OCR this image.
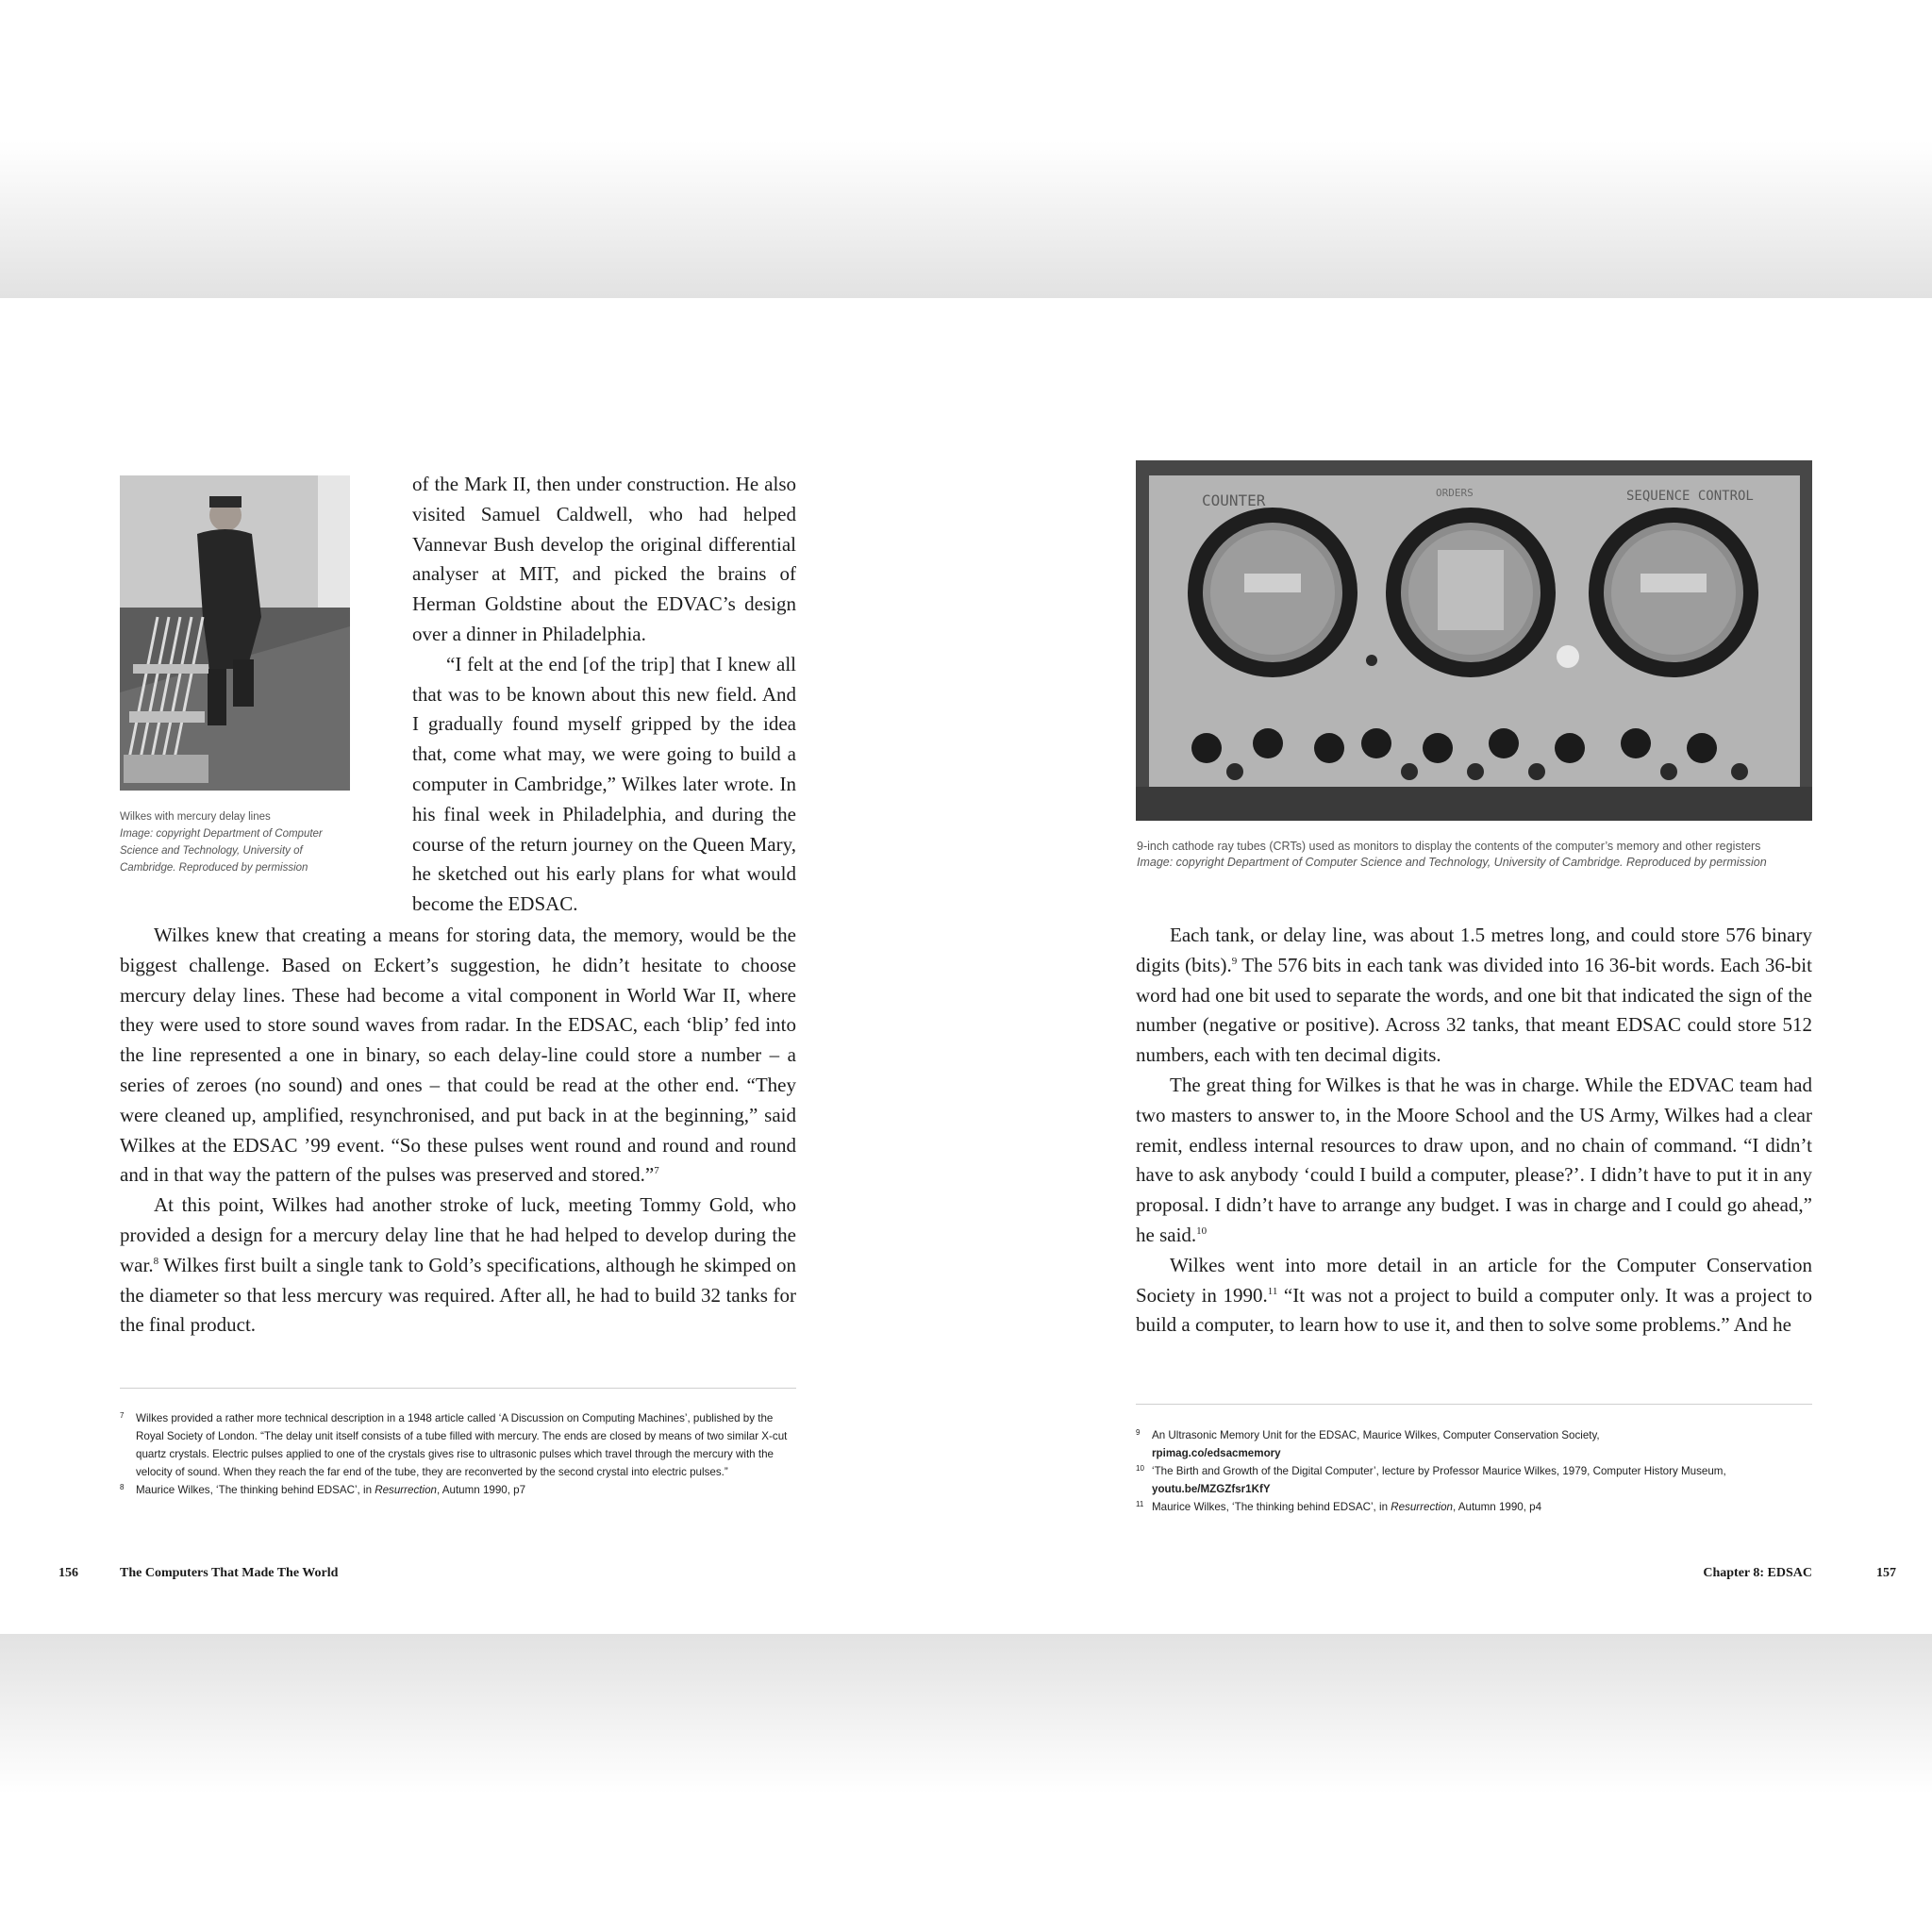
Wilkes with mercury delay lines
Image: copyright Department of Computer
Science and Technology, University of
Cambridge. Reproduced by permission

of the Mark II, then under construction. He also visited Samuel Caldwell, who had helped Vannevar Bush develop the original differential analyser at MIT, and picked the brains of Herman Goldstine about the EDVAC’s design over a dinner in Philadelphia.

“I felt at the end [of the trip] that I knew all that was to be known about this new field. And I gradually found myself gripped by the idea that, come what may, we were going to build a computer in Cambridge,” Wilkes later wrote. In his final week in Philadelphia, and during the course of the return journey on the Queen Mary, he sketched out his early plans for what would become the EDSAC.

Wilkes knew that creating a means for storing data, the memory, would be the biggest challenge. Based on Eckert’s suggestion, he didn’t hesitate to choose mercury delay lines. These had become a vital component in World War II, where they were used to store sound waves from radar. In the EDSAC, each ‘blip’ fed into the line represented a one in binary, so each delay-line could store a number – a series of zeroes (no sound) and ones – that could be read at the other end. “They were cleaned up, amplified, resynchronised, and put back in at the beginning,” said Wilkes at the EDSAC ’99 event. “So these pulses went round and round and round and in that way the pattern of the pulses was preserved and stored.”$^7$

At this point, Wilkes had another stroke of luck, meeting Tommy Gold, who provided a design for a mercury delay line that he had helped to develop during the war.$^8$ Wilkes first built a single tank to Gold’s specifications, although he skimped on the diameter so that less mercury was required. After all, he had to build 32 tanks for the final product.

7 Wilkes provided a rather more technical description in a 1948 article called ‘A Discussion on Computing Machines’, published by the Royal Society of London. “The delay unit itself consists of a tube filled with mercury. The ends are closed by means of two similar X-cut quartz crystals. Electric pulses applied to one of the crystals gives rise to ultrasonic pulses which travel through the mercury with the velocity of sound. When they reach the far end of the tube, they are reconverted by the second crystal into electric pulses.”

8 Maurice Wilkes, ‘The thinking behind EDSAC’, in Resurrection, Autumn 1990, p7

156	The Computers That Made The World
COUNTER	ORDERS	SEQUENCE CONTROL
9-inch cathode ray tubes (CRTs) used as monitors to display the contents of the computer’s memory and other registers
Image: copyright Department of Computer Science and Technology, University of Cambridge. Reproduced by permission

Each tank, or delay line, was about 1.5 metres long, and could store 576 binary digits (bits).$^9$ The 576 bits in each tank was divided into 16 36-bit words. Each 36-bit word had one bit used to separate the words, and one bit that indicated the sign of the number (negative or positive). Across 32 tanks, that meant EDSAC could store 512 numbers, each with ten decimal digits.

The great thing for Wilkes is that he was in charge. While the EDVAC team had two masters to answer to, in the Moore School and the US Army, Wilkes had a clear remit, endless internal resources to draw upon, and no chain of command. “I didn’t have to ask anybody ‘could I build a computer, please?’. I didn’t have to put it in any proposal. I didn’t have to arrange any budget. I was in charge and I could go ahead,” he said.$^{10}$

Wilkes went into more detail in an article for the Computer Conservation Society in 1990.11 “It was not a project to build a computer only. It was a project to build a computer, to learn how to use it, and then to solve some problems.” And he

9 An Ultrasonic Memory Unit for the EDSAC, Maurice Wilkes, Computer Conservation Society,
rpimag.co/edsacmemory

10 ‘The Birth and Growth of the Digital Computer’, lecture by Professor Maurice Wilkes, 1979, Computer History Museum, youtu.be/MZGZfsr1KfY

11 Maurice Wilkes, ‘The thinking behind EDSAC’, in Resurrection, Autumn 1990, p4

Chapter 8: EDSAC	157
